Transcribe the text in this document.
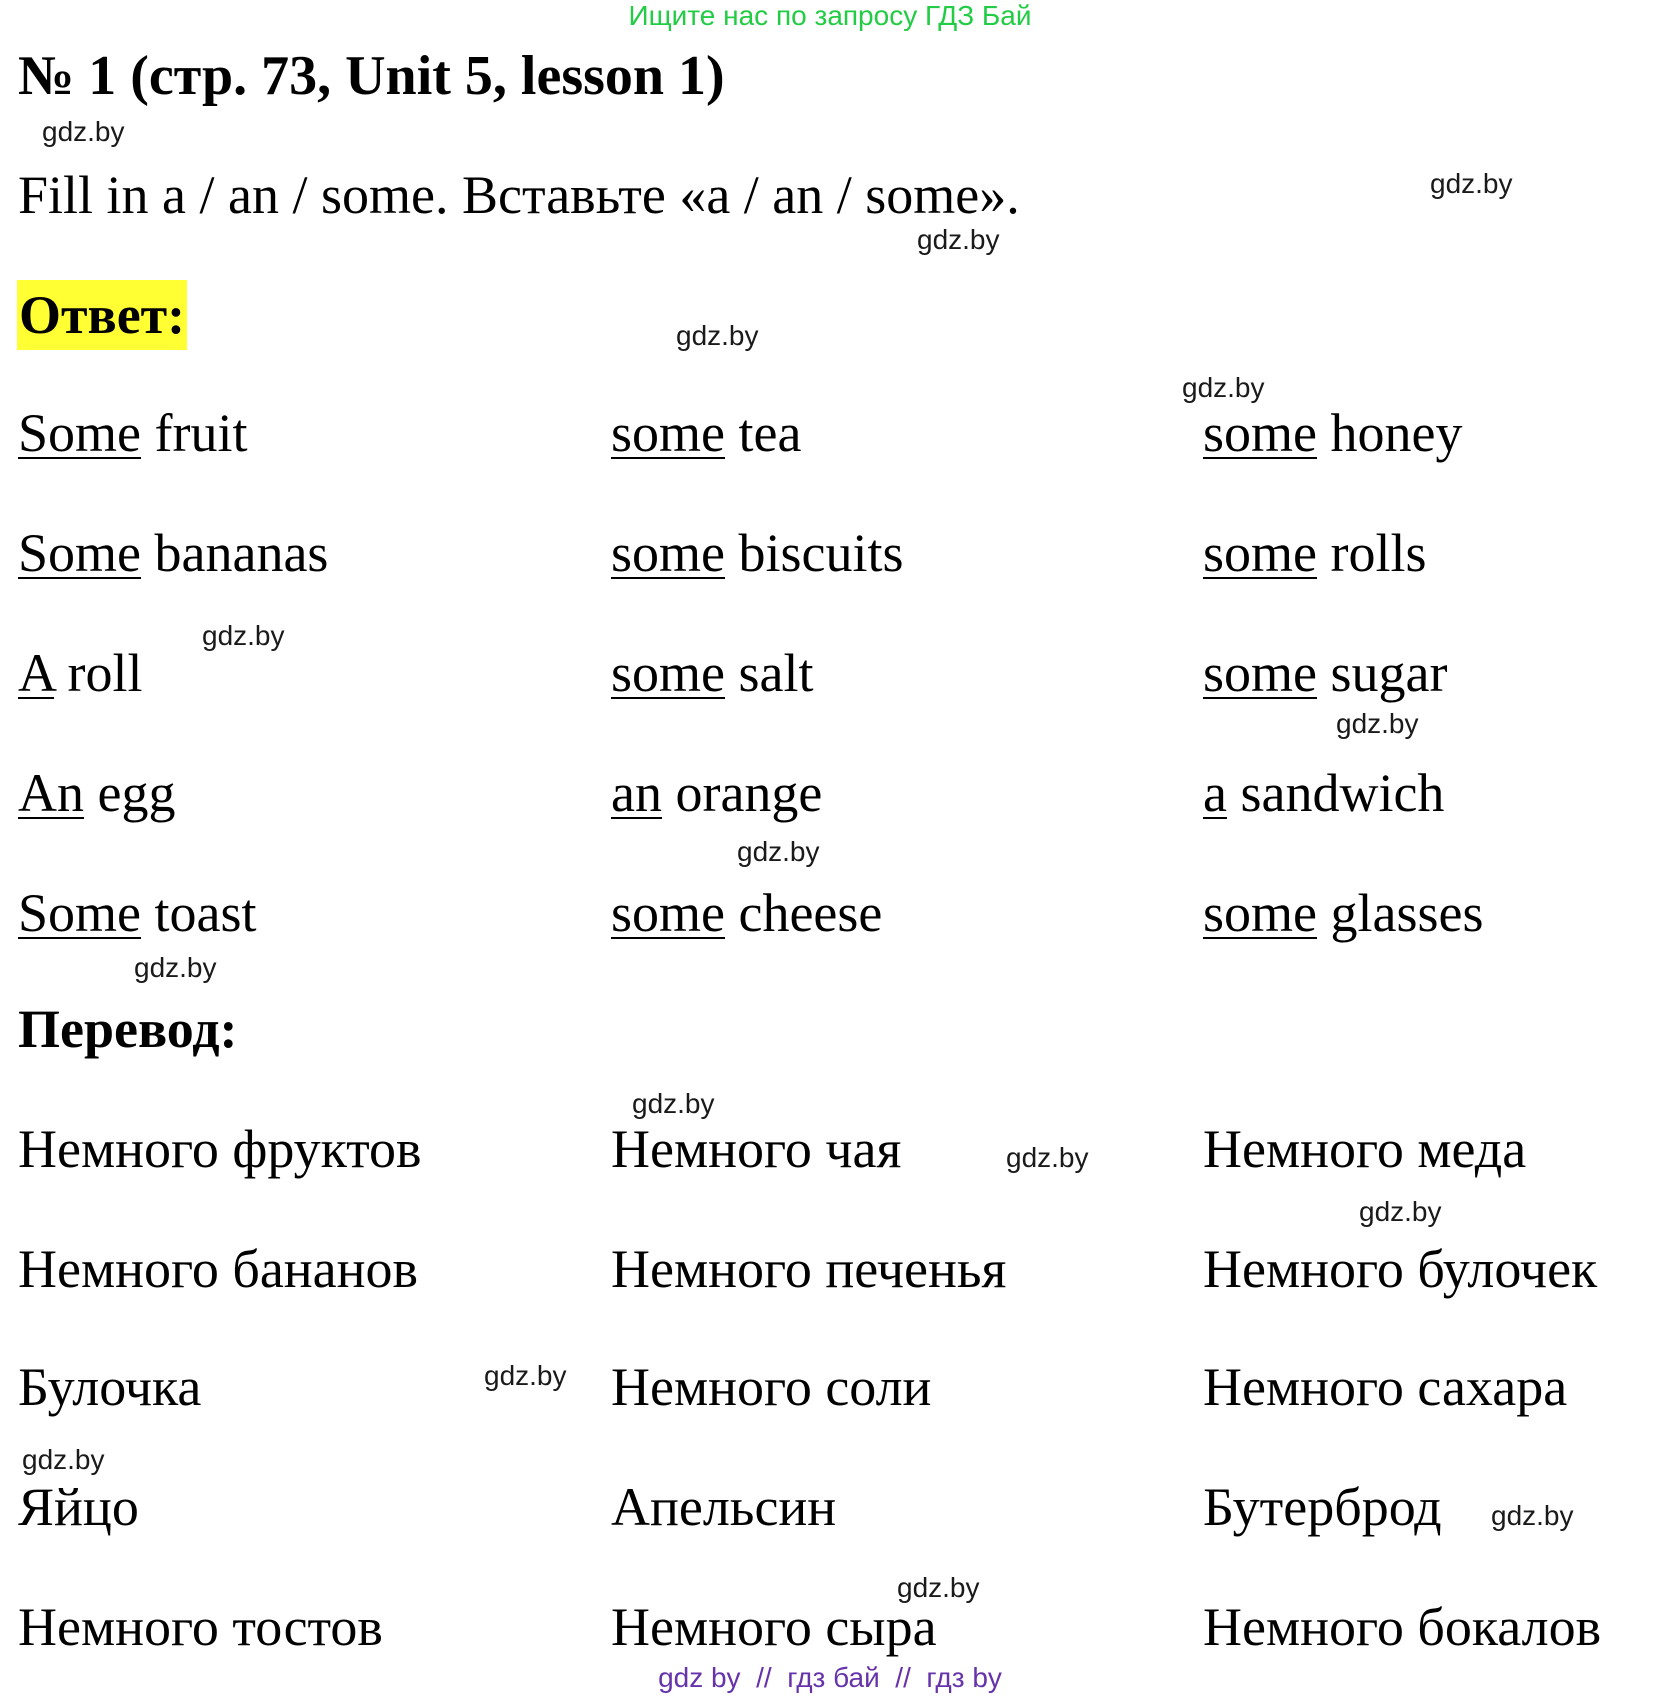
Ищите нас по запросу ГДЗ Бай
№ 1 (стр. 73, Unit 5, lesson 1)
gdz.by
Fill in a / an / some. Вставьте «a / an / some».	gdz.by
gdz.by
Ответ:	gdz.by
gdz.by
Some fruit	some tea	some honey
Some bananas	some biscuits	some rolls
gdz.by
A roll	some salt	some sugar
gdz.by
An egg	an orange	a sandwich
gdz.by
Some toast	some cheese	some glasses
gdz.by
Перевод:
gdz.by
Немного фруктов	Немного чая	gdz.by Немного меда
gdz.by
Немного бананов	Немного печенья	Немного булочек
Булочка	gdz.by Немного соли	Немного сахара
gdz.by
Яйцо	Апельсин	Бутерброд gdz.by
gdz.by
Немного тостов	Немного сыра	Немного бокалов
gdz by  //  гдз бай  //  гдз by
